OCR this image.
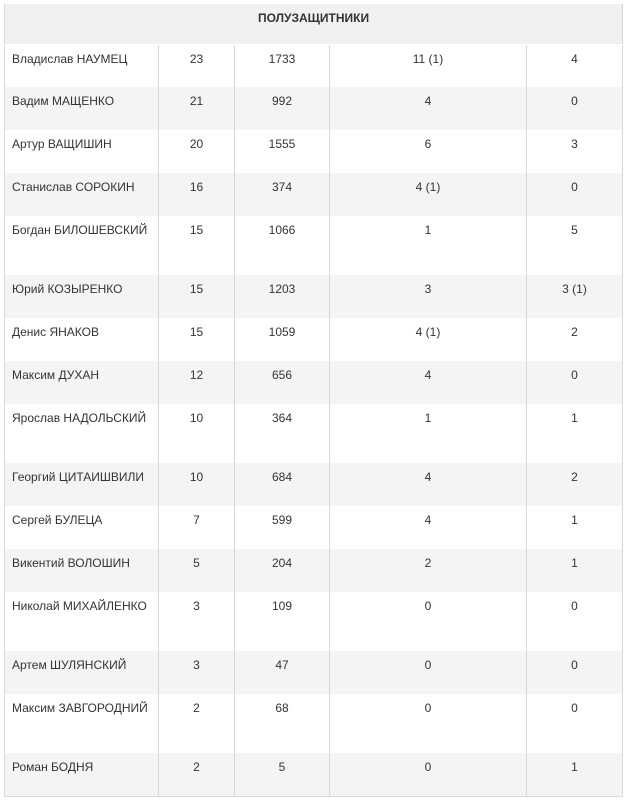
ПОЛУЗАЩИТНИКИ				
Владислав НАУМЕЦ	23	1733	11 (1)	4
Вадим МАЩЕНКО	21	992	4	0
Артур ВАЩИШИН	20	1555	6	3
Станислав СОРОКИН	16	374	4 (1)	0
Богдан БИЛОШЕВСКИЙ	15	1066	1	5
Юрий КОЗЫРЕНКО	15	1203	3	3 (1)
Денис ЯНАКОВ	15	1059	4 (1)	2
Максим ДУХАН	12	656	4	0
Ярослав НАДОЛЬСКИЙ	10	364	1	1
Георгий ЦИТАИШВИЛИ	10	684	4	2
Сергей БУЛЕЦА	7	599	4	1
Викентий ВОЛОШИН	5	204	2	1
Николай МИХАЙЛЕНКО	3	109	0	0
Артем ШУЛЯНСКИЙ	3	47	0	0
Максим ЗАВГОРОДНИЙ	2	68	0	0
Роман БОДНЯ	2	5	0	1
